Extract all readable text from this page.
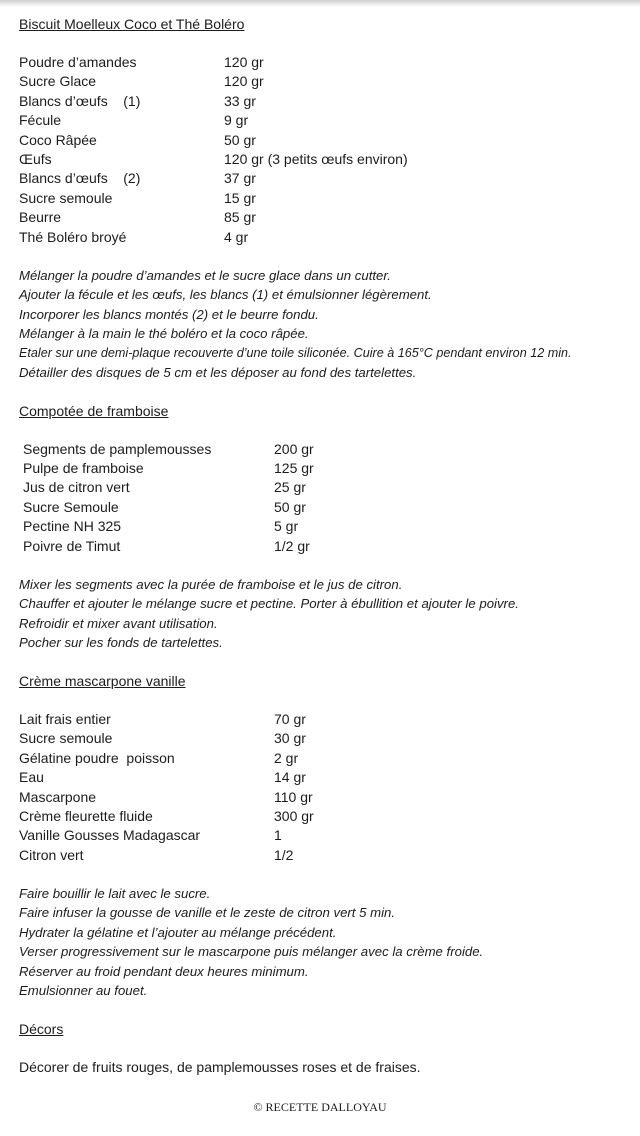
Biscuit Moelleux Coco et Thé Boléro
Poudre d’amandes	120 gr
Sucre Glace	120 gr
Blancs d’œufs    (1)	33 gr
Fécule	9 gr
Coco Râpée	50 gr
Œufs	120 gr (3 petits œufs environ)
Blancs d’œufs    (2)	37 gr
Sucre semoule	15 gr
Beurre	85 gr
Thé Boléro broyé	4 gr
Mélanger la poudre d’amandes et le sucre glace dans un cutter.
Ajouter la fécule et les œufs, les blancs (1) et émulsionner légèrement.
Incorporer les blancs montés (2) et le beurre fondu.
Mélanger à la main le thé boléro et la coco râpée.
Etaler sur une demi-plaque recouverte d’une toile siliconée. Cuire à 165°C pendant environ 12 min.
Détailler des disques de 5 cm et les déposer au fond des tartelettes.
Compotée de framboise
Segments de pamplemousses	200 gr
Pulpe de framboise	125 gr
Jus de citron vert	25 gr
Sucre Semoule	50 gr
Pectine NH 325	5 gr
Poivre de Timut	1/2 gr
Mixer les segments avec la purée de framboise et le jus de citron.
Chauffer et ajouter le mélange sucre et pectine. Porter à ébullition et ajouter le poivre.
Refroidir et mixer avant utilisation.
Pocher sur les fonds de tartelettes.
Crème mascarpone vanille
Lait frais entier	70 gr
Sucre semoule	30 gr
Gélatine poudre  poisson	2 gr
Eau	14 gr
Mascarpone	110 gr
Crème fleurette fluide	300 gr
Vanille Gousses Madagascar	1
Citron vert	1/2
Faire bouillir le lait avec le sucre.
Faire infuser la gousse de vanille et le zeste de citron vert 5 min.
Hydrater la gélatine et l’ajouter au mélange précédent.
Verser progressivement sur le mascarpone puis mélanger avec la crème froide.
Réserver au froid pendant deux heures minimum.
Emulsionner au fouet.
Décors
Décorer de fruits rouges, de pamplemousses roses et de fraises.
© RECETTE DALLOYAU
